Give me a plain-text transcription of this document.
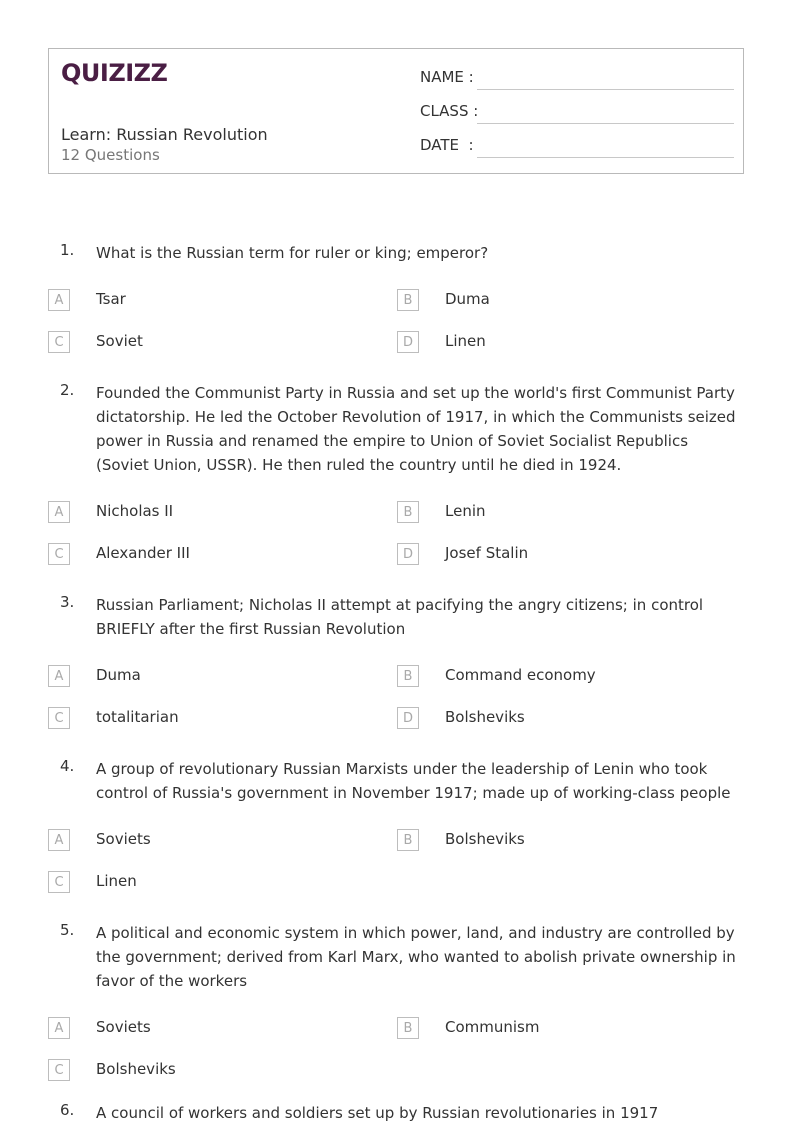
QUIZIZZ
Learn: Russian Revolution
12 Questions
NAME :
CLASS :
DATE  :
1. What is the Russian term for ruler or king; emperor?
A	Tsar	B	Duma
C	Soviet	D	Linen
2. Founded the Communist Party in Russia and set up the world's first Communist Party dictatorship. He led the October Revolution of 1917, in which the Communists seized power in Russia and renamed the empire to Union of Soviet Socialist Republics (Soviet Union, USSR). He then ruled the country until he died in 1924.
A	Nicholas II	B	Lenin
C	Alexander III	D	Josef Stalin
3. Russian Parliament; Nicholas II attempt at pacifying the angry citizens; in control BRIEFLY after the first Russian Revolution
A	Duma	B	Command economy
C	totalitarian	D	Bolsheviks
4. A group of revolutionary Russian Marxists under the leadership of Lenin who took control of Russia's government in November 1917; made up of working-class people
A	Soviets	B	Bolsheviks
C	Linen
5. A political and economic system in which power, land, and industry are controlled by the government; derived from Karl Marx, who wanted to abolish private ownership in favor of the workers
A	Soviets	B	Communism
C	Bolsheviks
6. A council of workers and soldiers set up by Russian revolutionaries in 1917
